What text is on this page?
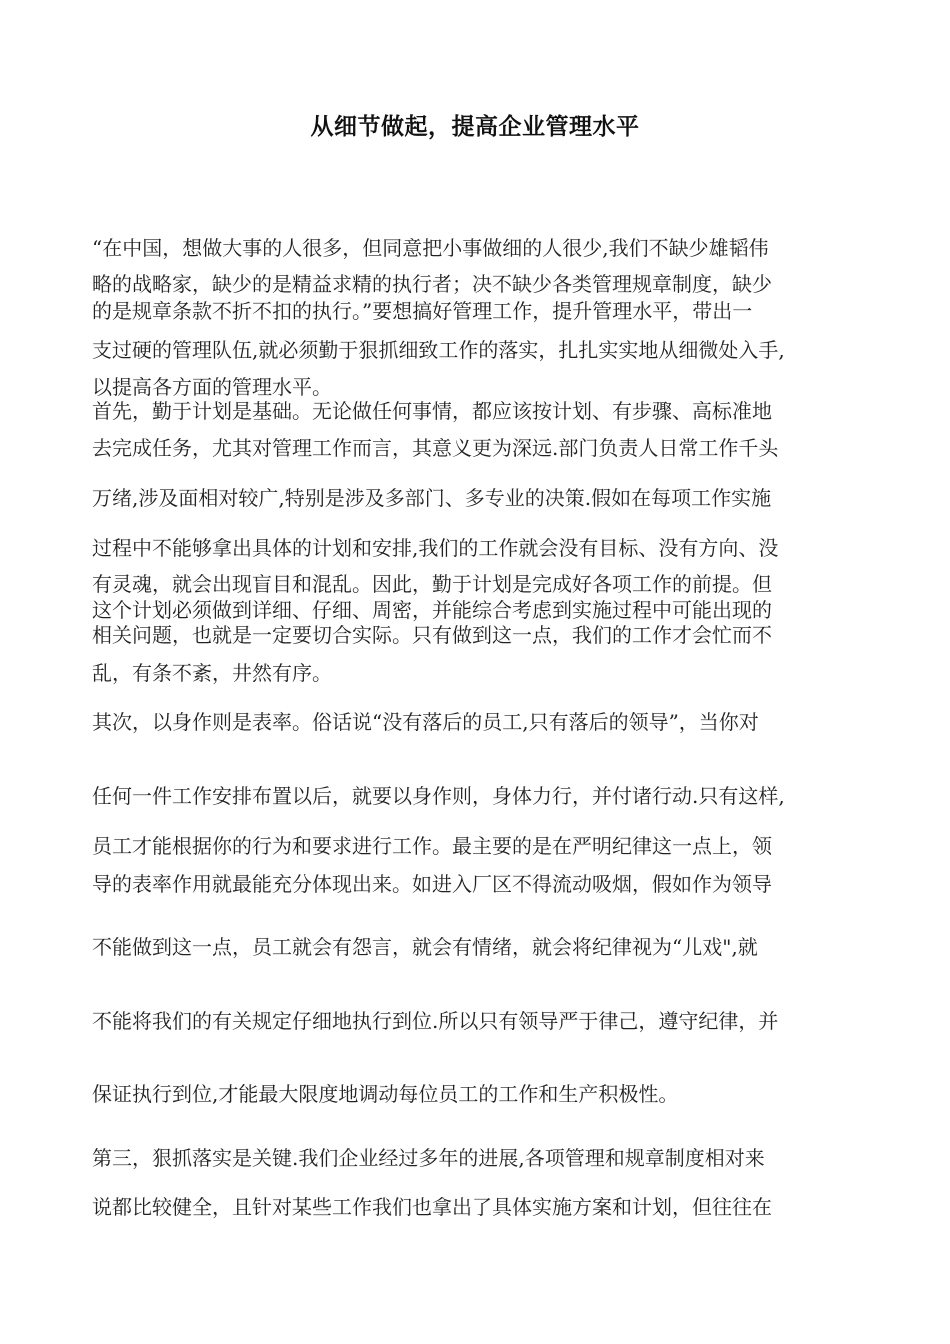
从细节做起，提高企业管理水平
“在中国，想做大事的人很多，但同意把小事做细的人很少,我们不缺少雄韬伟
略的战略家，缺少的是精益求精的执行者；决不缺少各类管理规章制度，缺少
的是规章条款不折不扣的执行。”要想搞好管理工作，提升管理水平，带出一
支过硬的管理队伍,就必须勤于狠抓细致工作的落实，扎扎实实地从细微处入手,
以提高各方面的管理水平。
首先，勤于计划是基础。无论做任何事情，都应该按计划、有步骤、高标准地
去完成任务，尤其对管理工作而言，其意义更为深远.部门负责人日常工作千头
万绪,涉及面相对较广,特别是涉及多部门、多专业的决策.假如在每项工作实施
过程中不能够拿出具体的计划和安排,我们的工作就会没有目标、没有方向、没
有灵魂，就会出现盲目和混乱。因此，勤于计划是完成好各项工作的前提。但
这个计划必须做到详细、仔细、周密，并能综合考虑到实施过程中可能出现的
相关问题，也就是一定要切合实际。只有做到这一点，我们的工作才会忙而不
乱，有条不紊，井然有序。
其次，以身作则是表率。俗话说“没有落后的员工,只有落后的领导”，当你对
任何一件工作安排布置以后，就要以身作则，身体力行，并付诸行动.只有这样,
员工才能根据你的行为和要求进行工作。最主要的是在严明纪律这一点上，领
导的表率作用就最能充分体现出来。如进入厂区不得流动吸烟，假如作为领导
不能做到这一点，员工就会有怨言，就会有情绪，就会将纪律视为“儿戏",就
不能将我们的有关规定仔细地执行到位.所以只有领导严于律己，遵守纪律，并
保证执行到位,才能最大限度地调动每位员工的工作和生产积极性。
第三，狠抓落实是关键.我们企业经过多年的进展,各项管理和规章制度相对来
说都比较健全，且针对某些工作我们也拿出了具体实施方案和计划，但往往在
